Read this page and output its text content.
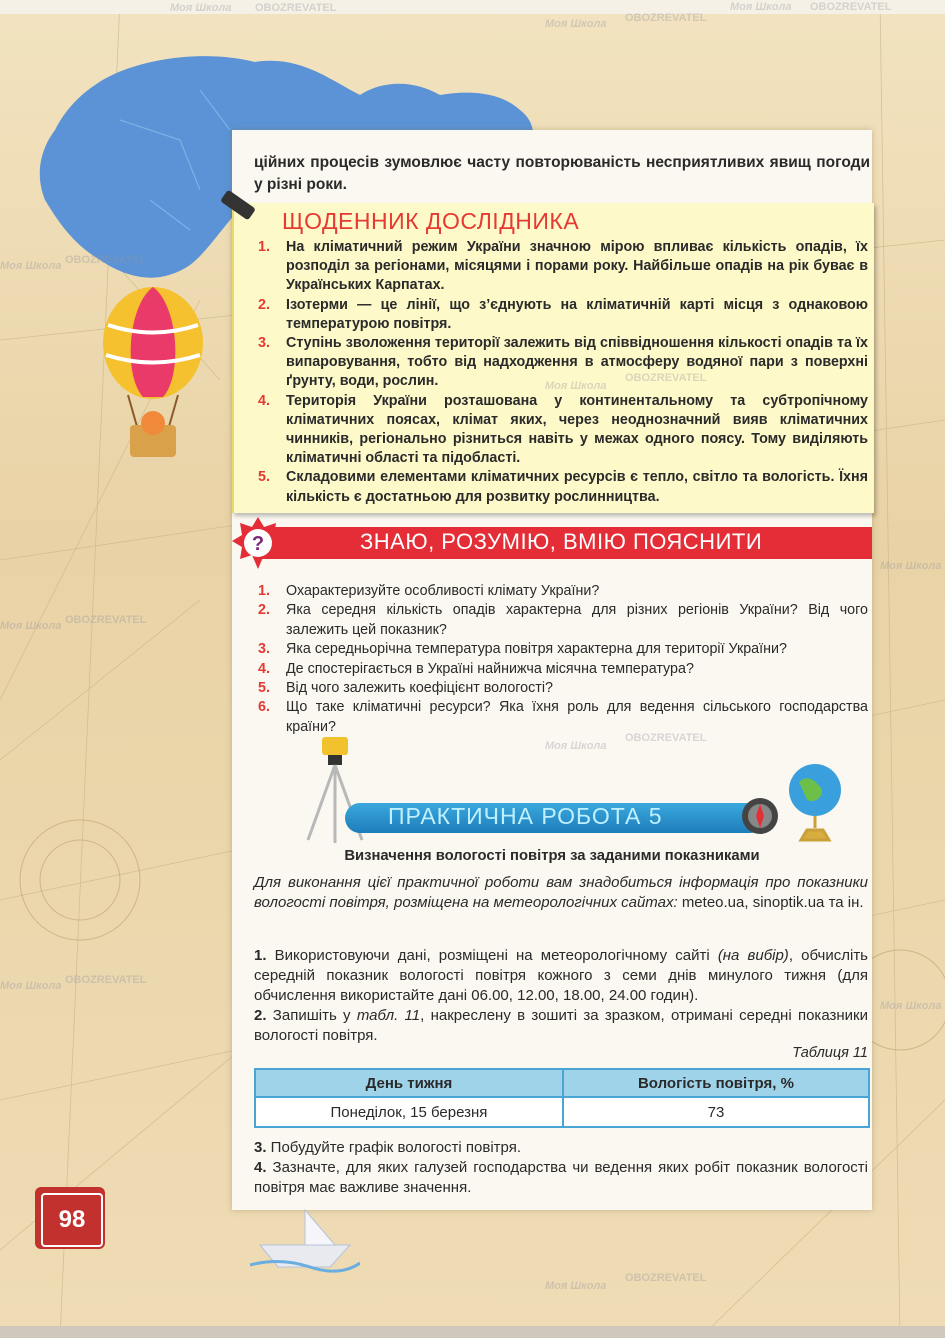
ційних процесів зумовлює часту повторюваність несприятливих явищ погоди у різні роки.
ЩОДЕННИК ДОСЛІДНИКА
1. На кліматичний режим України значною мірою впливає кількість опадів, їх розподіл за регіонами, місяцями і порами року. Найбільше опадів на рік буває в Українських Карпатах.
2. Ізотерми — це лінії, що з’єднують на кліматичній карті місця з однаковою температурою повітря.
3. Ступінь зволоження території залежить від співвідношення кількості опадів та їх випаровування, тобто від надходження в атмосферу водяної пари з поверхні ґрунту, води, рослин.
4. Територія України розташована у континентальному та субтропічному кліматичних поясах, клімат яких, через неоднозначний вияв кліматичних чинників, регіонально різниться навіть у межах одного поясу. Тому виділяють кліматичні області та підобласті.
5. Складовими елементами кліматичних ресурсів є тепло, світло та вологість. Їхня кількість є достатньою для розвитку рослинництва.
?	ЗНАЮ, РОЗУМІЮ, ВМІЮ ПОЯСНИТИ
1. Охарактеризуйте особливості клімату України?
2. Яка середня кількість опадів характерна для різних регіонів України? Від чого залежить цей показник?
3. Яка середньорічна температура повітря характерна для території України?
4. Де спостерігається в Україні найнижча місячна температура?
5. Від чого залежить коефіцієнт вологості?
6. Що таке кліматичні ресурси? Яка їхня роль для ведення сільського господарства країни?
ПРАКТИЧНА РОБОТА 5
Визначення вологості повітря за заданими показниками
Для виконання цієї практичної роботи вам знадобиться інформація про показники вологості повітря, розміщена на метеорологічних сайтах: meteo.ua, sinoptik.ua та ін.
1. Використовуючи дані, розміщені на метеорологічному сайті (на вибір), обчисліть середній показник вологості повітря кожного з семи днів минулого тижня (для обчислення використайте дані 06.00, 12.00, 18.00, 24.00 годин).
2. Запишіть у табл. 11, накреслену в зошиті за зразком, отримані середні показники вологості повітря.
Таблиця 11
День тижня	Вологість повітря, %
Понеділок, 15 березня	73
3. Побудуйте графік вологості повітря.
4. Зазначте, для яких галузей господарства чи ведення яких робіт показник вологості повітря має важливе значення.
98
Моя Школа OBOZREVATEL
Моя Школа OBOZREVATEL
Моя Школа OBOZREVATEL
Моя Школа
OBOZREVATEL
Моя Школа
OBOZREVATEL
Моя Школа
OBOZREVATEL
Моя Школа OBOZREVATEL
Моя Школа OBOZREVATEL
Моя Школа OBOZREVATEL
Моя Школа
Моя Школа
